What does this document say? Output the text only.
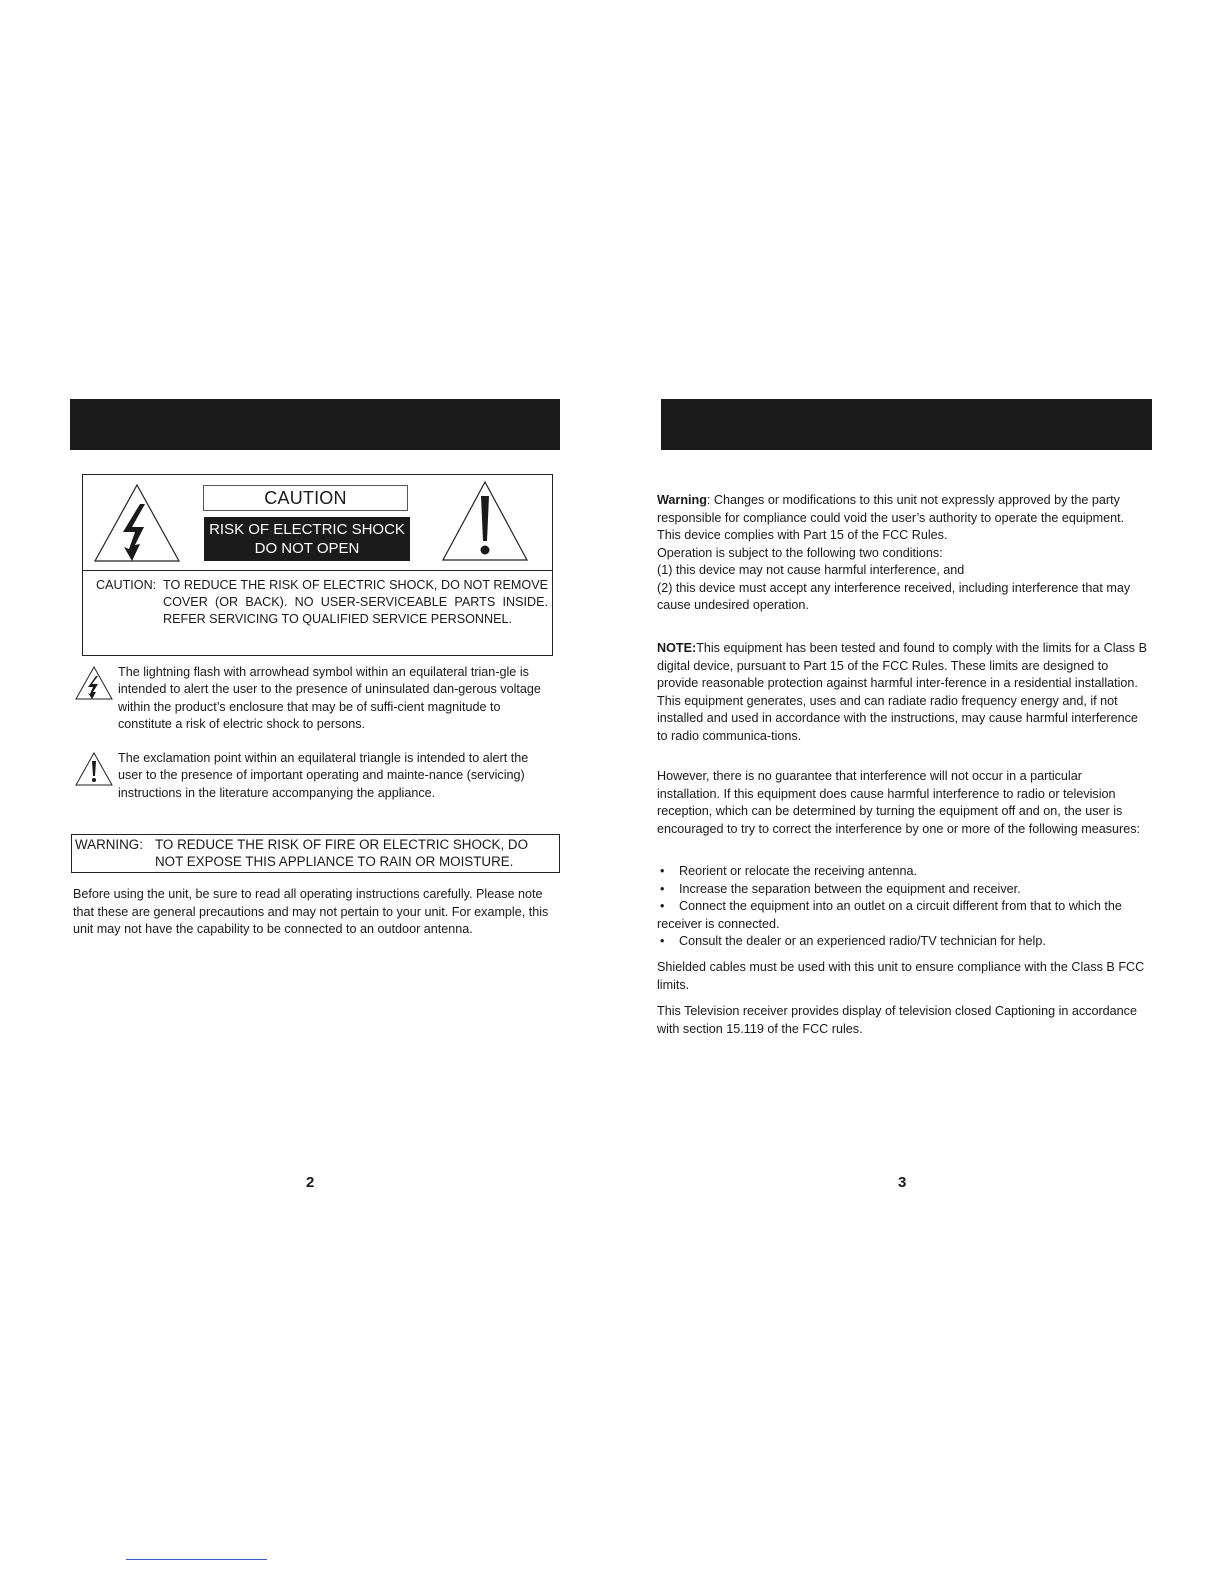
CAUTION
RISK OF ELECTRIC SHOCK
DO NOT OPEN
CAUTION: TO REDUCE THE RISK OF ELECTRIC SHOCK, DO NOT REMOVE COVER (OR BACK). NO USER-SERVICEABLE PARTS INSIDE. REFER SERVICING TO QUALIFIED SERVICE PERSONNEL.
The lightning flash with arrowhead symbol within an equilateral trian-gle is intended to alert the user to the presence of uninsulated dan-gerous voltage within the product’s enclosure that may be of suffi-cient magnitude to constitute a risk of electric shock to persons.
The exclamation point within an equilateral triangle is intended to alert the user to the presence of important operating and mainte-nance (servicing) instructions in the literature accompanying the appliance.
WARNING: TO REDUCE THE RISK OF FIRE OR ELECTRIC SHOCK, DO NOT EXPOSE THIS APPLIANCE TO RAIN OR MOISTURE.
Before using the unit, be sure to read all operating instructions carefully. Please note that these are general precautions and may not pertain to your unit. For example, this unit may not have the capability to be connected to an outdoor antenna.
2
Warning: Changes or modifications to this unit not expressly approved by the party responsible for compliance could void the user’s authority to operate the equipment.
This device complies with Part 15 of the FCC Rules.
Operation is subject to the following two conditions:
(1) this device may not cause harmful interference, and
(2) this device must accept any interference received, including interference that may cause undesired operation.
NOTE:This equipment has been tested and found to comply with the limits for a Class B digital device, pursuant to Part 15 of the FCC Rules. These limits are designed to provide reasonable protection against harmful inter-ference in a residential installation. This equipment generates, uses and can radiate radio frequency energy and, if not installed and used in accordance with the instructions, may cause harmful interference to radio communica-tions.
However, there is no guarantee that interference will not occur in a particular installation. If this equipment does cause harmful interference to radio or television reception, which can be determined by turning the equipment off and on, the user is encouraged to try to correct the interference by one or more of the following measures:
• Reorient or relocate the receiving antenna.
• Increase the separation between the equipment and receiver.
• Connect the equipment into an outlet on a circuit different from that to which the receiver is connected.
• Consult the dealer or an experienced radio/TV technician for help.
Shielded cables must be used with this unit to ensure compliance with the Class B FCC limits.
This Television receiver provides display of television closed Captioning in accordance with section 15.119 of the FCC rules.
3
